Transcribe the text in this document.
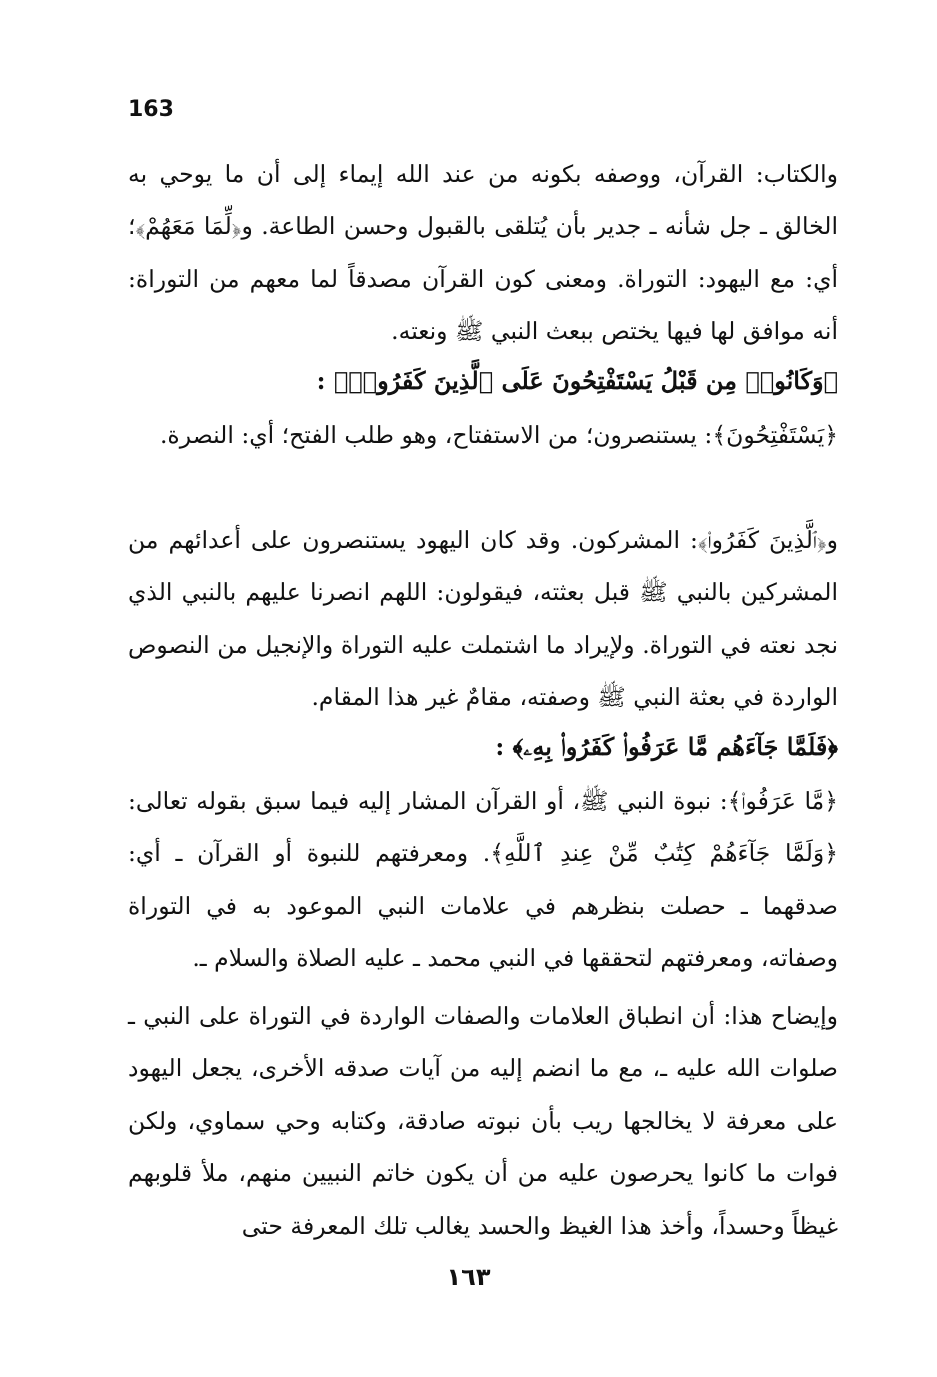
163
والكتاب: القرآن، ووصفه بكونه من عند الله إيماء إلى أن ما يوحي به الخالق ـ جل شأنه ـ جدير بأن يُتلقى بالقبول وحسن الطاعة. و﴿لِّمَا مَعَهُمْ﴾؛ أي: مع اليهود: التوراة. ومعنى كون القرآن مصدقاً لما معهم من التوراة: أنه موافق لها فيها يختص ببعث النبي ﷺ ونعته.
﴿وَكَانُوا۟ مِن قَبْلُ يَسْتَفْتِحُونَ عَلَى ٱلَّذِينَ كَفَرُوا۟﴾ :
﴿يَسْتَفْتِحُونَ﴾: يستنصرون؛ من الاستفتاح، وهو طلب الفتح؛ أي: النصرة.
و﴿ٱلَّذِينَ كَفَرُوا۟﴾: المشركون. وقد كان اليهود يستنصرون على أعدائهم من المشركين بالنبي ﷺ قبل بعثته، فيقولون: اللهم انصرنا عليهم بالنبي الذي نجد نعته في التوراة. ولإيراد ما اشتملت عليه التوراة والإنجيل من النصوص الواردة في بعثة النبي ﷺ وصفته، مقامٌ غير هذا المقام.
﴿فَلَمَّا جَآءَهُم مَّا عَرَفُوا۟ كَفَرُوا۟ بِهِۦ﴾ :
﴿مَّا عَرَفُوا۟﴾: نبوة النبي ﷺ، أو القرآن المشار إليه فيما سبق بقوله تعالى: ﴿وَلَمَّا جَآءَهُمْ كِتَٰبٌ مِّنْ عِندِ ٱللَّهِ﴾. ومعرفتهم للنبوة أو القرآن ـ أي: صدقهما ـ حصلت بنظرهم في علامات النبي الموعود به في التوراة وصفاته، ومعرفتهم لتحققها في النبي محمد ـ عليه الصلاة والسلام ـ.
وإيضاح هذا: أن انطباق العلامات والصفات الواردة في التوراة على النبي ـ صلوات الله عليه ـ، مع ما انضم إليه من آيات صدقه الأخرى، يجعل اليهود على معرفة لا يخالجها ريب بأن نبوته صادقة، وكتابه وحي سماوي، ولكن فوات ما كانوا يحرصون عليه من أن يكون خاتم النبيين منهم، ملأ قلوبهم غيظاً وحسداً، وأخذ هذا الغيظ والحسد يغالب تلك المعرفة حتى
١٦٣
